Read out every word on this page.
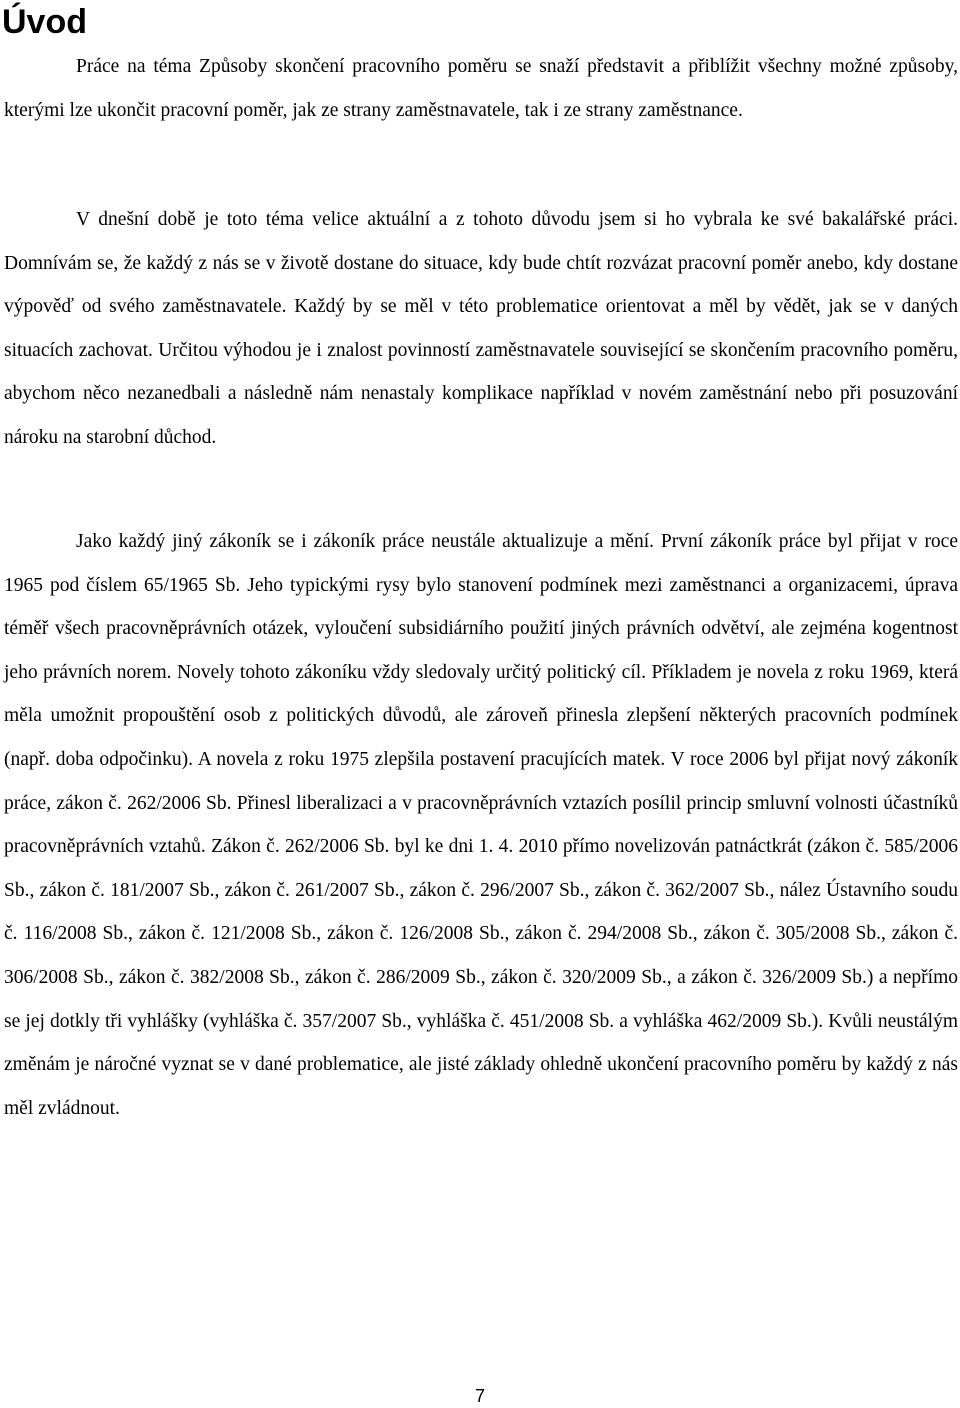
Úvod

Práce na téma Způsoby skončení pracovního poměru se snaží představit a přiblížit všechny možné způsoby, kterými lze ukončit pracovní poměr, jak ze strany zaměstnavatele, tak i ze strany zaměstnance.

V dnešní době je toto téma velice aktuální a z tohoto důvodu jsem si ho vybrala ke své bakalářské práci. Domnívám se, že každý z nás se v životě dostane do situace, kdy bude chtít rozvázat pracovní poměr anebo, kdy dostane výpověď od svého zaměstnavatele. Každý by se měl v této problematice orientovat a měl by vědět, jak se v daných situacích zachovat. Určitou výhodou je i znalost povinností zaměstnavatele související se skončením pracovního poměru, abychom něco nezanedbali a následně nám nenastaly komplikace například v novém zaměstnání nebo při posuzování nároku na starobní důchod.

Jako každý jiný zákoník se i zákoník práce neustále aktualizuje a mění. První zákoník práce byl přijat v roce 1965 pod číslem 65/1965 Sb. Jeho typickými rysy bylo stanovení podmínek mezi zaměstnanci a organizacemi, úprava téměř všech pracovněprávních otázek, vyloučení subsidiárního použití jiných právních odvětví, ale zejména kogentnost jeho právních norem. Novely tohoto zákoníku vždy sledovaly určitý politický cíl. Příkladem je novela z roku 1969, která měla umožnit propouštění osob z politických důvodů, ale zároveň přinesla zlepšení některých pracovních podmínek (např. doba odpočinku). A novela z roku 1975 zlepšila postavení pracujících matek. V roce 2006 byl přijat nový zákoník práce, zákon č. 262/2006 Sb. Přinesl liberalizaci a v pracovněprávních vztazích posílil princip smluvní volnosti účastníků pracovněprávních vztahů. Zákon č. 262/2006 Sb. byl ke dni 1. 4. 2010 přímo novelizován patnáctkrát (zákon č. 585/2006 Sb., zákon č. 181/2007 Sb., zákon č. 261/2007 Sb., zákon č. 296/2007 Sb., zákon č. 362/2007 Sb., nález Ústavního soudu č. 116/2008 Sb., zákon č. 121/2008 Sb., zákon č. 126/2008 Sb., zákon č. 294/2008 Sb., zákon č. 305/2008 Sb., zákon č. 306/2008 Sb., zákon č. 382/2008 Sb., zákon č. 286/2009 Sb., zákon č. 320/2009 Sb., a zákon č. 326/2009 Sb.) a nepřímo se jej dotkly tři vyhlášky (vyhláška č. 357/2007 Sb., vyhláška č. 451/2008 Sb. a vyhláška 462/2009 Sb.). Kvůli neustálým změnám je náročné vyznat se v dané problematice, ale jisté základy ohledně ukončení pracovního poměru by každý z nás měl zvládnout.

7
